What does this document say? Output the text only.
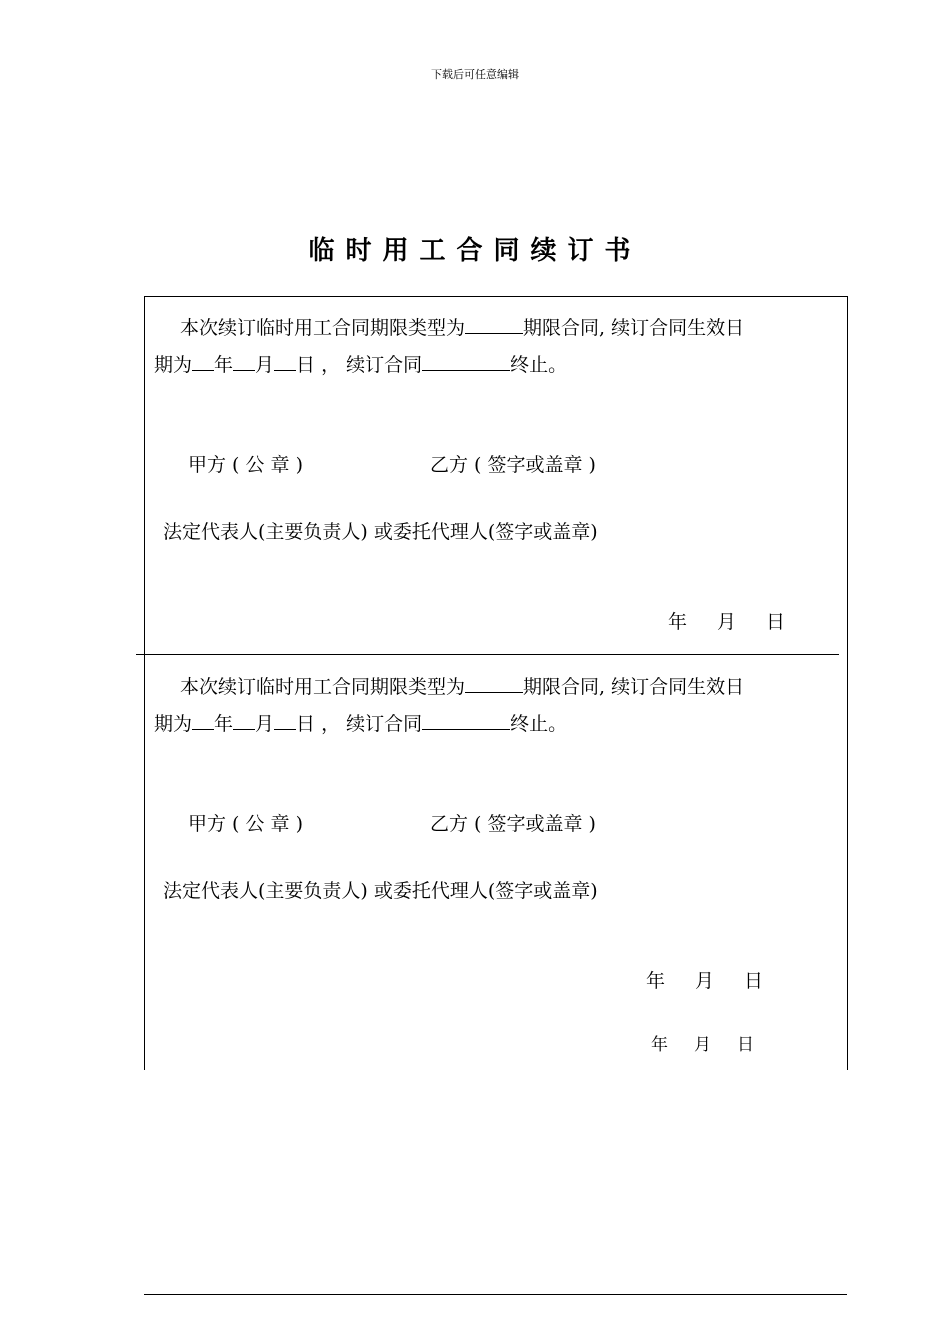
下载后可任意编辑
临时用工合同续订书
本次续订临时用工合同期限类型为	期限合同, 续订合同生效日
期为 年 月 日 ， 续订合同	终止。
甲方 ( 公 章 )	乙方 ( 签字或盖章 )
法定代表人(主要负责人) 或委托代理人(签字或盖章)
年 月 日
本次续订临时用工合同期限类型为	期限合同, 续订合同生效日
期为 年 月 日 ， 续订合同	终止。
甲方 ( 公 章 )	乙方 ( 签字或盖章 )
法定代表人(主要负责人) 或委托代理人(签字或盖章)
年 月 日
年 月 日
